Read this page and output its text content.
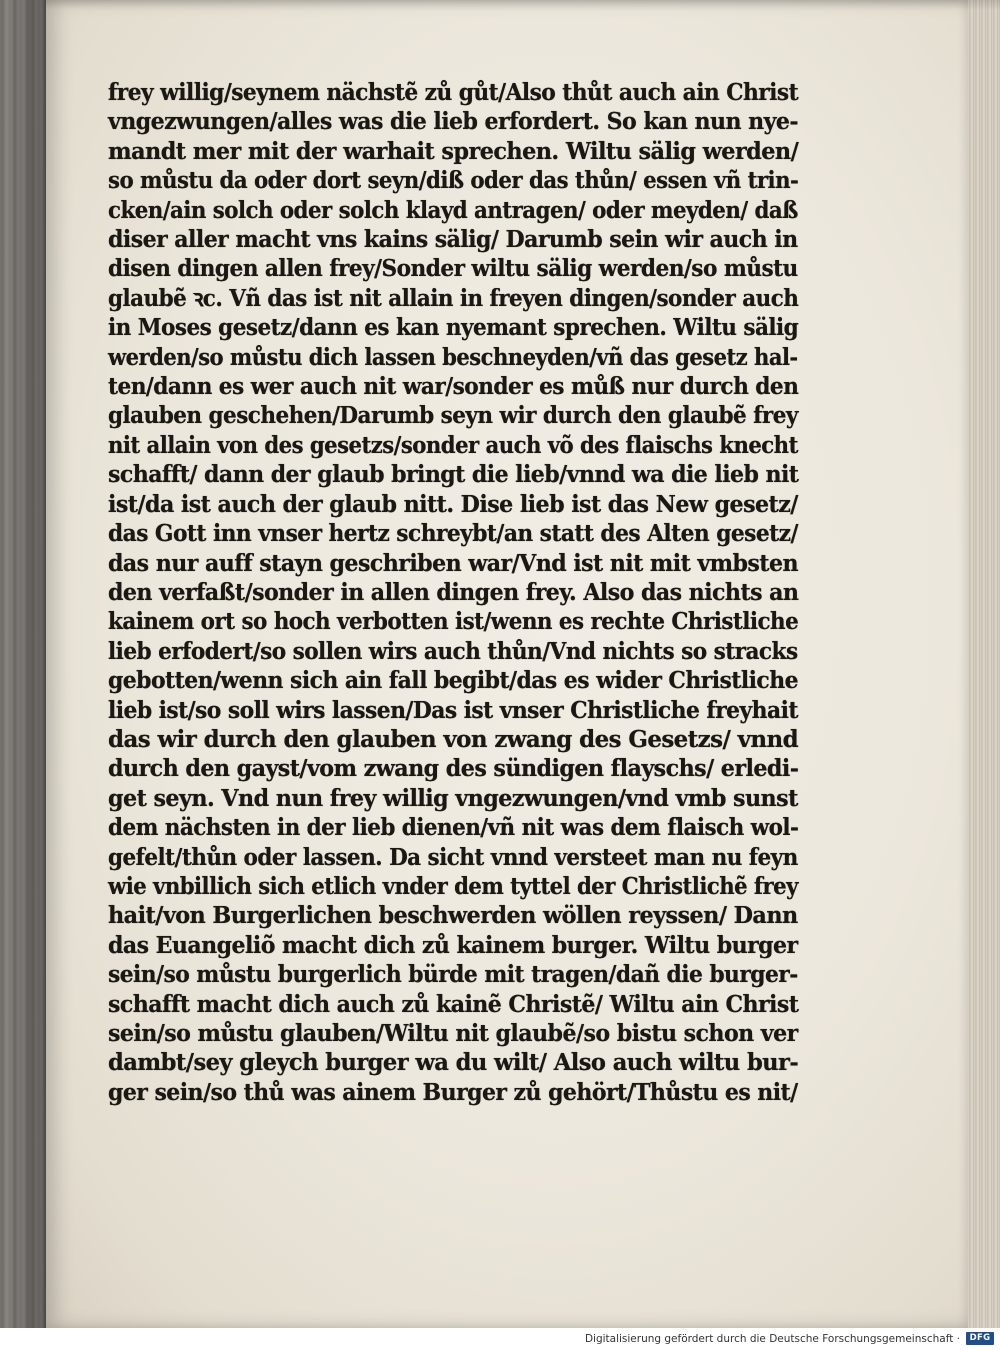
frey willig/seynem nächstẽ zů gůt/Also thůt auch ain Christ
vngezwungen/alles was die lieb erfordert. So kan nun nye-
mandt mer mit der warhait sprechen. Wiltu sälig werden/
so můstu da oder dort seyn/diß oder das thůn/ essen vñ trin-
cken/ain solch oder solch klayd antragen/ oder meyden/ daß
diser aller macht vns kains sälig/ Darumb sein wir auch in
disen dingen allen frey/Sonder wiltu sälig werden/so můstu
glaubẽ ꝛc. Vñ das ist nit allain in freyen dingen/sonder auch
in Moses gesetz/dann es kan nyemant sprechen. Wiltu sälig
werden/so můstu dich lassen beschneyden/vñ das gesetz hal-
ten/dann es wer auch nit war/sonder es můß nur durch den
glauben geschehen/Darumb seyn wir durch den glaubẽ frey
nit allain von des gesetzs/sonder auch võ des flaischs knecht
schafft/ dann der glaub bringt die lieb/vnnd wa die lieb nit
ist/da ist auch der glaub nitt. Dise lieb ist das New gesetz/
das Gott inn vnser hertz schreybt/an statt des Alten gesetz/
das nur auff stayn geschriben war/Vnd ist nit mit vmbsten
den verfaßt/sonder in allen dingen frey. Also das nichts an
kainem ort so hoch verbotten ist/wenn es rechte Christliche
lieb erfodert/so sollen wirs auch thůn/Vnd nichts so stracks
gebotten/wenn sich ain fall begibt/das es wider Christliche
lieb ist/so soll wirs lassen/Das ist vnser Christliche freyhait
das wir durch den glauben von zwang des Gesetzs/ vnnd
durch den gayst/vom zwang des sündigen flayschs/ erledi-
get seyn. Vnd nun frey willig vngezwungen/vnd vmb sunst
dem nächsten in der lieb dienen/vñ nit was dem flaisch wol-
gefelt/thůn oder lassen. Da sicht vnnd versteet man nu feyn
wie vnbillich sich etlich vnder dem tyttel der Christlichẽ frey
hait/von Burgerlichen beschwerden wöllen reyssen/ Dann
das Euangeliõ macht dich zů kainem burger. Wiltu burger
sein/so můstu burgerlich bürde mit tragen/dañ die burger-
schafft macht dich auch zů kainẽ Christẽ/ Wiltu ain Christ
sein/so můstu glauben/Wiltu nit glaubẽ/so bistu schon ver
dambt/sey gleych burger wa du wilt/ Also auch wiltu bur-
ger sein/so thů was ainem Burger zů gehört/Thůstu es nit/
Digitalisierung gefördert durch die Deutsche Forschungsgemeinschaft ·	DFG
